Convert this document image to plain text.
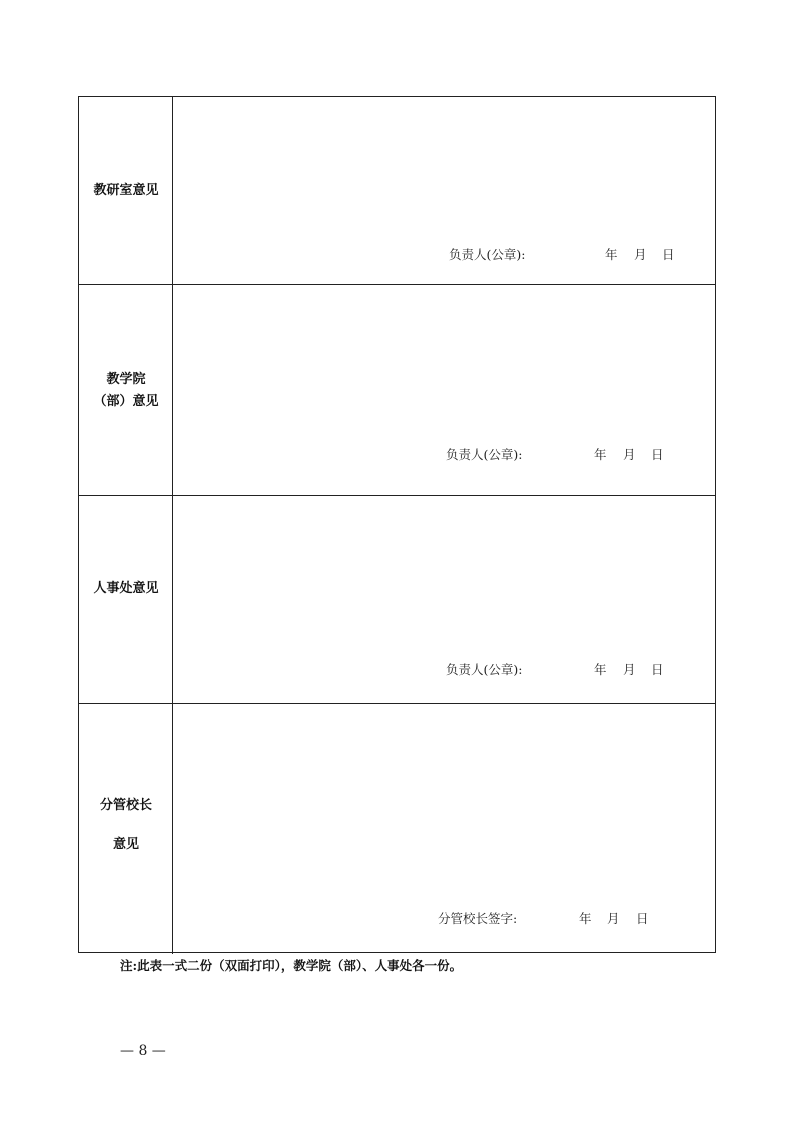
教研室意见
负责人(公章):	年 月 日
教学院
（部）意见
负责人(公章):	年 月 日
人事处意见
负责人(公章):	年 月 日
分管校长
意见
分管校长签字:	年 月 日
注:此表一式二份（双面打印），教学院（部）、人事处各一份。
— 8 —
